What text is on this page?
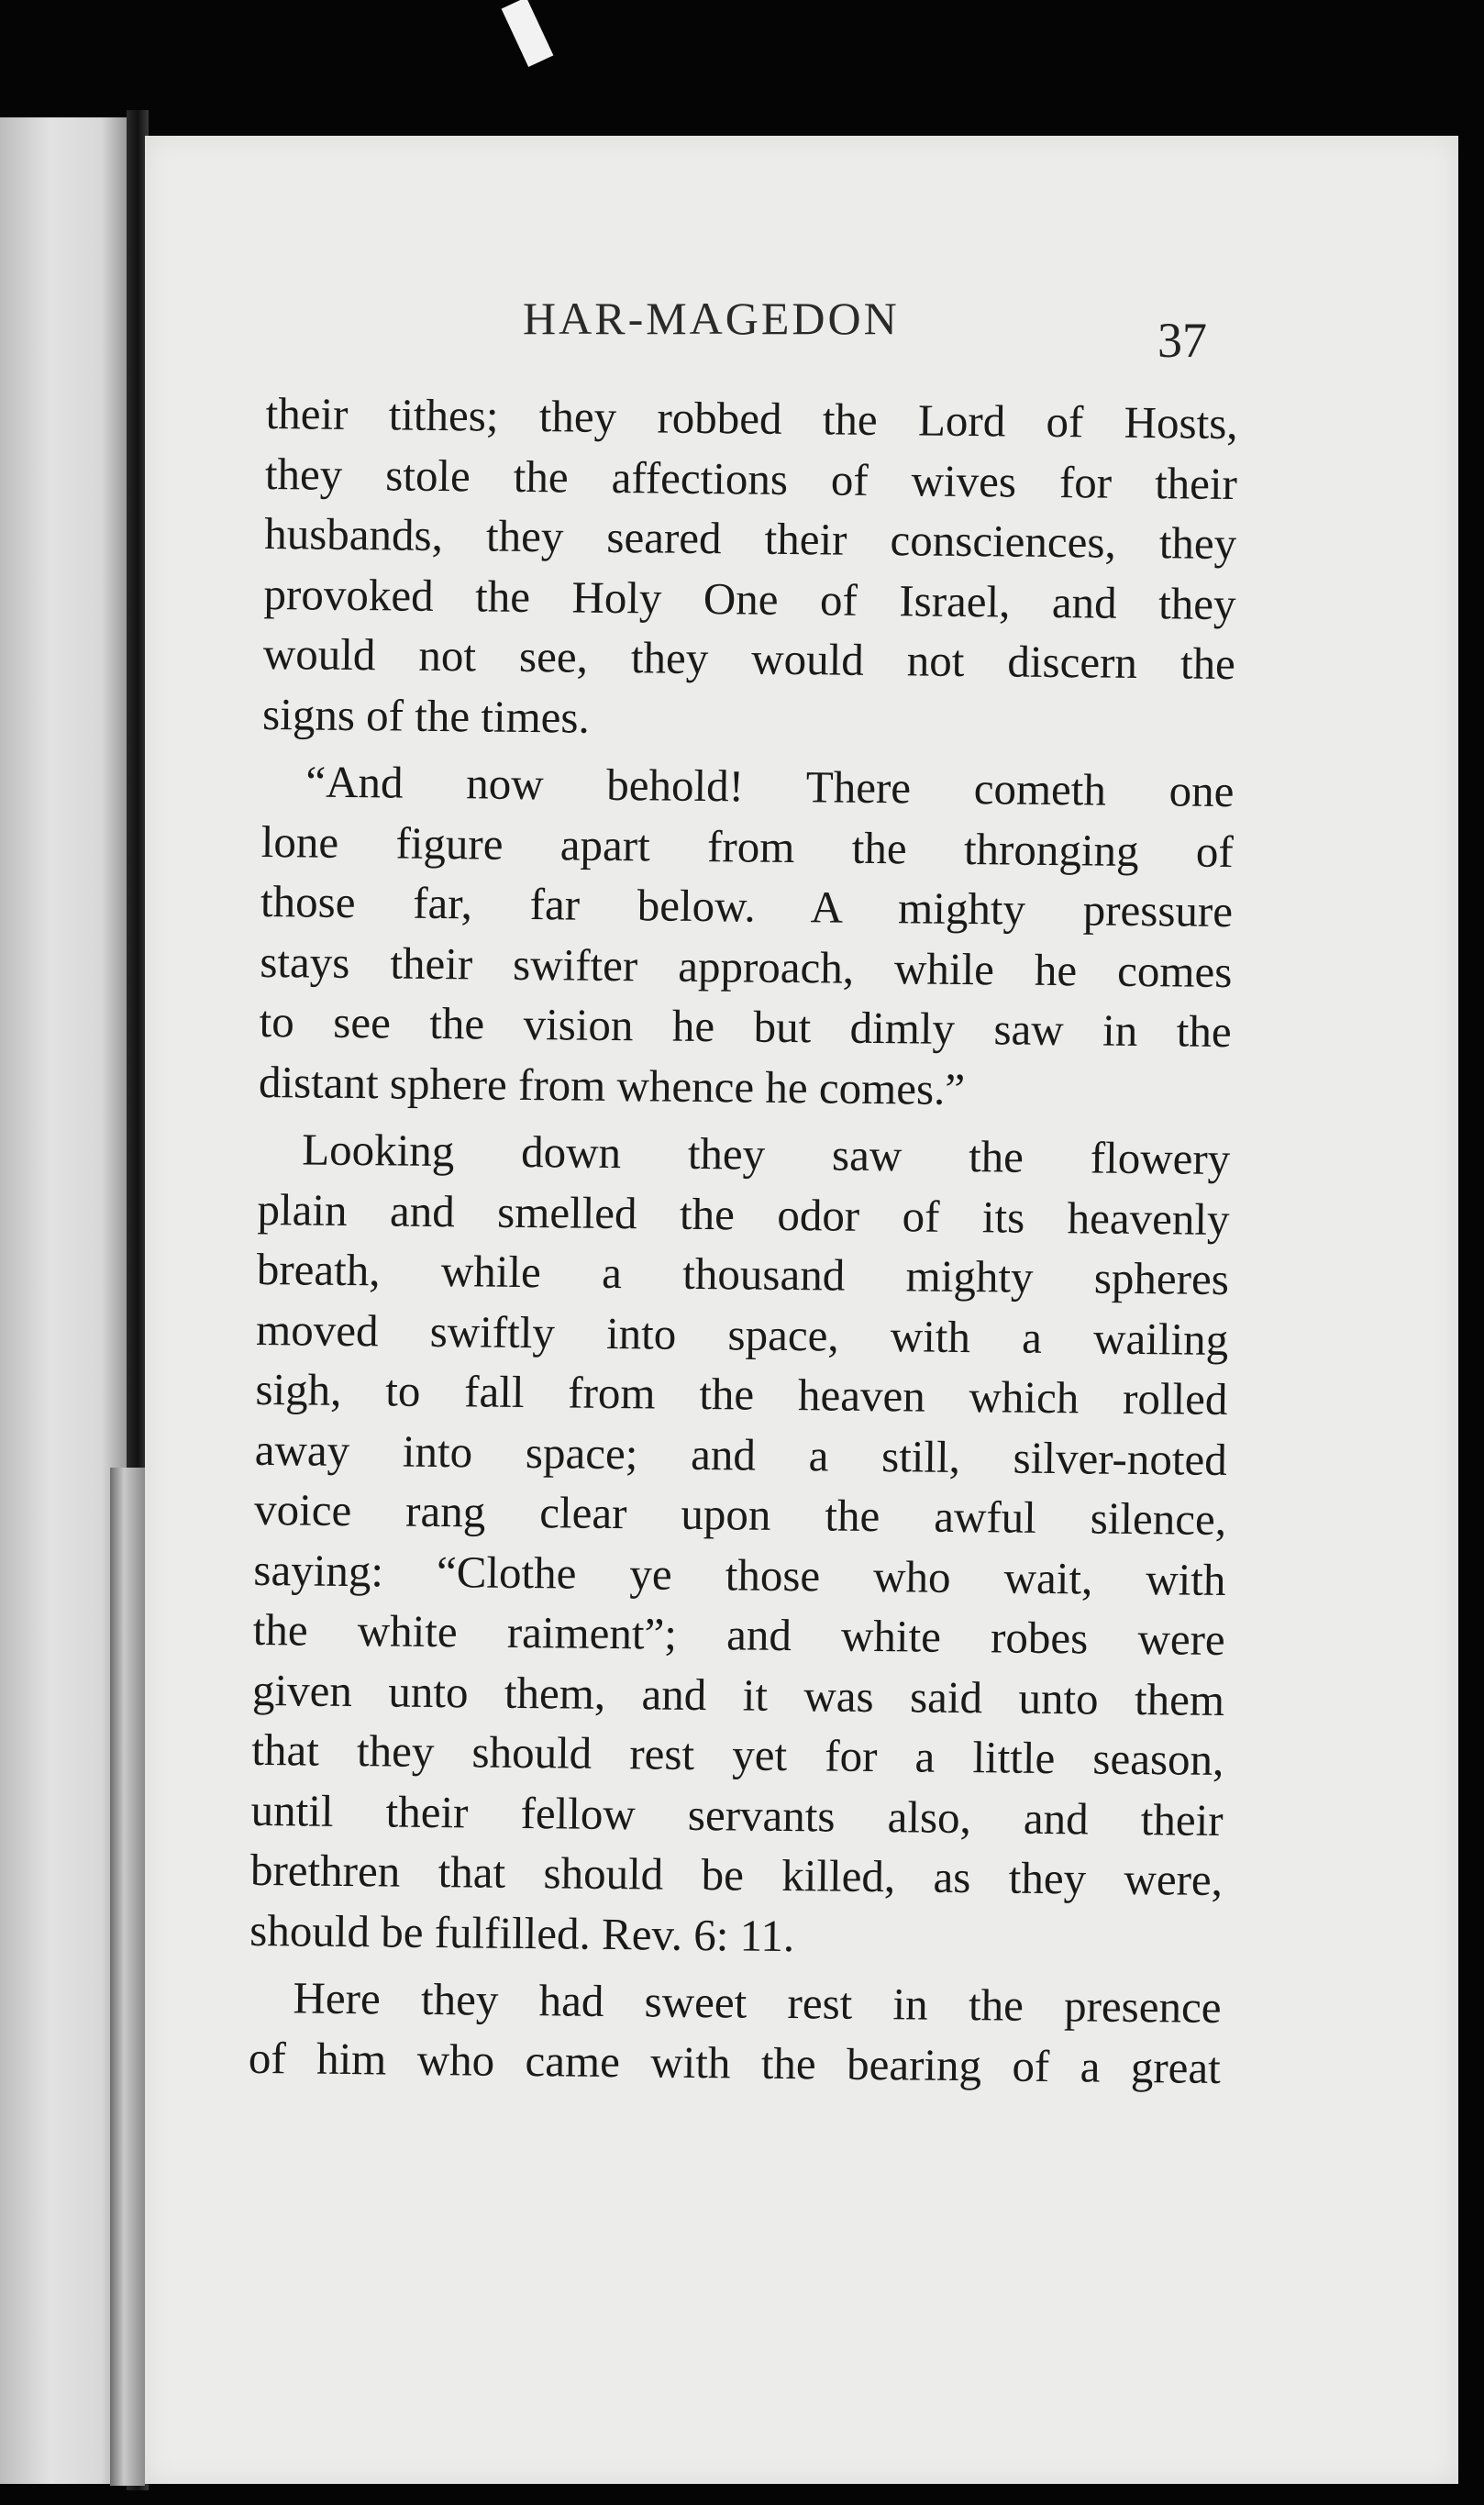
HAR-MAGEDON	37
their tithes; they robbed the Lord of Hosts,
they stole the affections of wives for their
husbands, they seared their consciences, they
provoked the Holy One of Israel, and they
would not see, they would not discern the
signs of the times.
“And now behold! There cometh one
lone figure apart from the thronging of
those far, far below. A mighty pressure
stays their swifter approach, while he comes
to see the vision he but dimly saw in the
distant sphere from whence he comes.”
Looking down they saw the flowery
plain and smelled the odor of its heavenly
breath, while a thousand mighty spheres
moved swiftly into space, with a wailing
sigh, to fall from the heaven which rolled
away into space; and a still, silver-noted
voice rang clear upon the awful silence,
saying: “Clothe ye those who wait, with
the white raiment”; and white robes were
given unto them, and it was said unto them
that they should rest yet for a little season,
until their fellow servants also, and their
brethren that should be killed, as they were,
should be fulfilled. Rev. 6: 11.
Here they had sweet rest in the presence
of him who came with the bearing of a great
